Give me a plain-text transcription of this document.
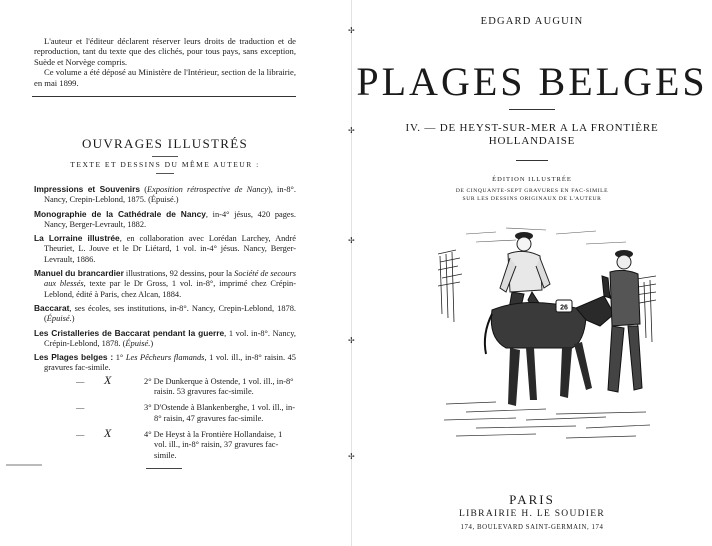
L'auteur et l'éditeur déclarent réserver leurs droits de traduction et de reproduction, tant du texte que des clichés, pour tous pays, sans exception, Suède et Norvège compris.

Ce volume a été déposé au Ministère de l'Intérieur, section de la librairie, en mai 1899.

OUVRAGES ILLUSTRÉS
TEXTE ET DESSINS DU MÊME AUTEUR :
Impressions et Souvenirs (Exposition rétrospective de Nancy), in-8°. Nancy, Crepin-Leblond, 1875. (Épuisé.)
Monographie de la Cathédrale de Nancy, in-4° jésus, 420 pages. Nancy, Berger-Levrault, 1882.
La Lorraine illustrée, en collaboration avec Lorédan Larchey, André Theuriet, L. Jouve et le Dr Liétard, 1 vol. in-4° jésus. Nancy, Berger-Levrault, 1886.
Manuel du brancardier illustrations, 92 dessins, pour la Société de secours aux blessés, texte par le Dr Gross, 1 vol. in-8°, imprimé chez Crépin-Leblond, édité à Paris, chez Alcan, 1884.
Baccarat, ses écoles, ses institutions, in-8°. Nancy, Crepin-Leblond, 1878. (Épuisé.)
Les Cristalleries de Baccarat pendant la guerre, 1 vol. in-8°. Nancy, Crépin-Leblond, 1878. (Épuisé.)
Les Plages belges : 1° Les Pêcheurs flamands, 1 vol. ill., in-8° raisin. 45 gravures fac-simile.
— X	2° De Dunkerque à Ostende, 1 vol. ill., in-8° raisin. 53 gravures fac-simile.
—	3° D'Ostende à Blankenberghe, 1 vol. ill., in-8° raisin, 47 gravures fac-simile.
— X	4° De Heyst à la Frontière Hollandaise, 1 vol. ill., in-8° raisin, 37 gravures fac-simile.
✢
✢
✢
✢
✢
EDGARD AUGUIN
PLAGES BELGES
IV. — DE HEYST-SUR-MER A LA FRONTIÈRE
HOLLANDAISE
ÉDITION ILLUSTRÉE
DE CINQUANTE-SEPT GRAVURES EN FAC-SIMILE
SUR LES DESSINS ORIGINAUX DE L'AUTEUR
26
PARIS
LIBRAIRIE H. LE SOUDIER
174, BOULEVARD SAINT-GERMAIN, 174
